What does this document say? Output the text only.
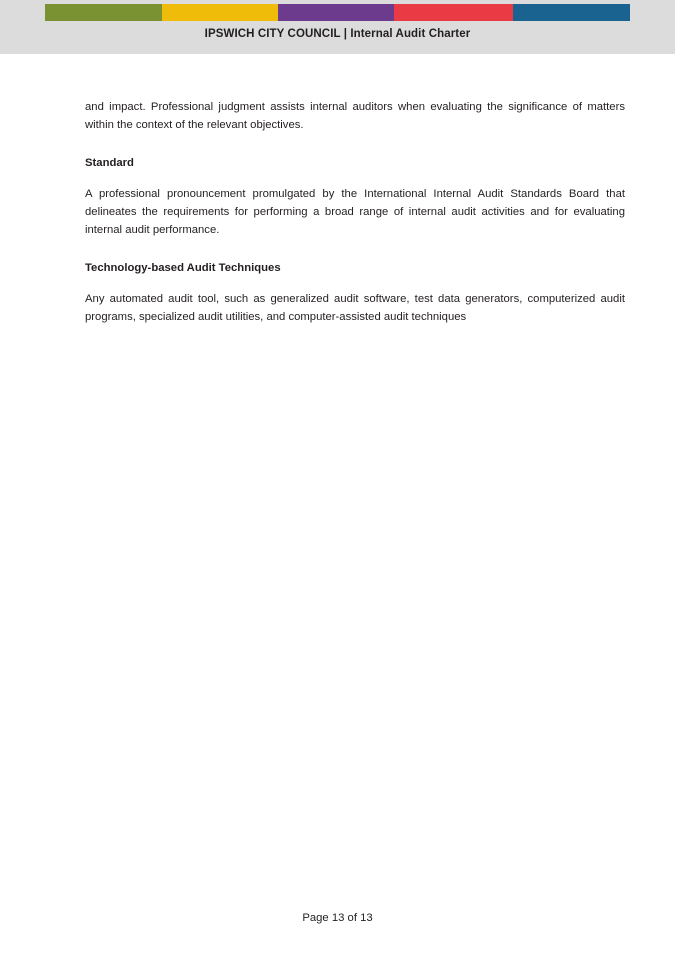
IPSWICH CITY COUNCIL | Internal Audit Charter

and impact. Professional judgment assists internal auditors when evaluating the significance of matters within the context of the relevant objectives.

Standard

A professional pronouncement promulgated by the International Internal Audit Standards Board that delineates the requirements for performing a broad range of internal audit activities and for evaluating internal audit performance.

Technology-based Audit Techniques

Any automated audit tool, such as generalized audit software, test data generators, computerized audit programs, specialized audit utilities, and computer-assisted audit techniques

Page 13 of 13
